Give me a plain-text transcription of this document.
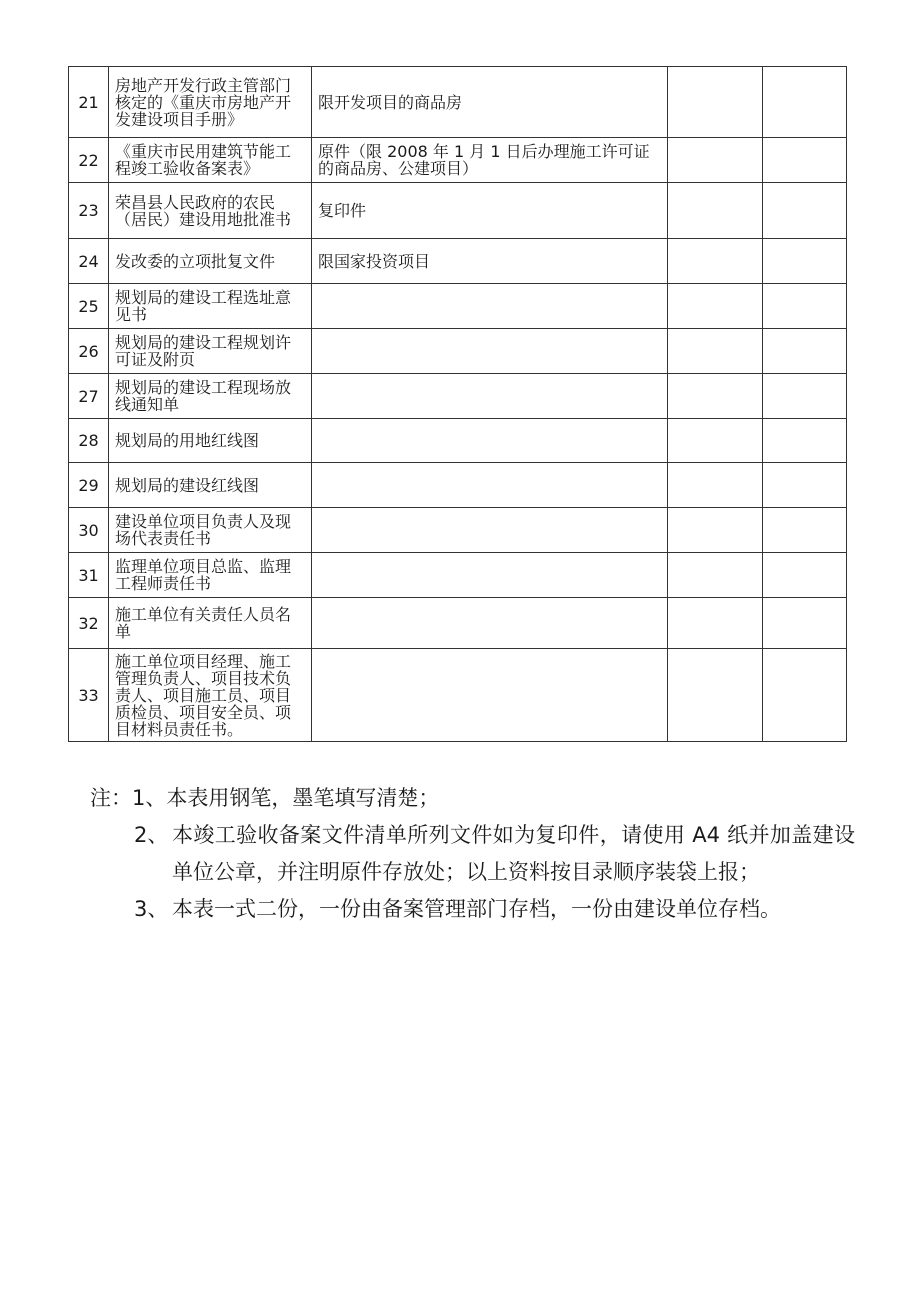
21	房地产开发行政主管部门核定的《重庆市房地产开发建设项目手册》	限开发项目的商品房		
22	《重庆市民用建筑节能工程竣工验收备案表》	原件（限 2008 年 1 月 1 日后办理施工许可证的商品房、公建项目）		
23	荣昌县人民政府的农民（居民）建设用地批准书	复印件		
24	发改委的立项批复文件	限国家投资项目		
25	规划局的建设工程选址意见书			
26	规划局的建设工程规划许可证及附页			
27	规划局的建设工程现场放线通知单			
28	规划局的用地红线图			
29	规划局的建设红线图			
30	建设单位项目负责人及现场代表责任书			
31	监理单位项目总监、监理工程师责任书			
32	施工单位有关责任人员名单			
33	施工单位项目经理、施工管理负责人、项目技术负责人、项目施工员、项目质检员、项目安全员、项目材料员责任书。			
注：1、本表用钢笔，墨笔填写清楚；
2、 本竣工验收备案文件清单所列文件如为复印件，请使用 A4 纸并加盖建设单位公章，并注明原件存放处；以上资料按目录顺序装袋上报；
3、 本表一式二份，一份由备案管理部门存档，一份由建设单位存档。
